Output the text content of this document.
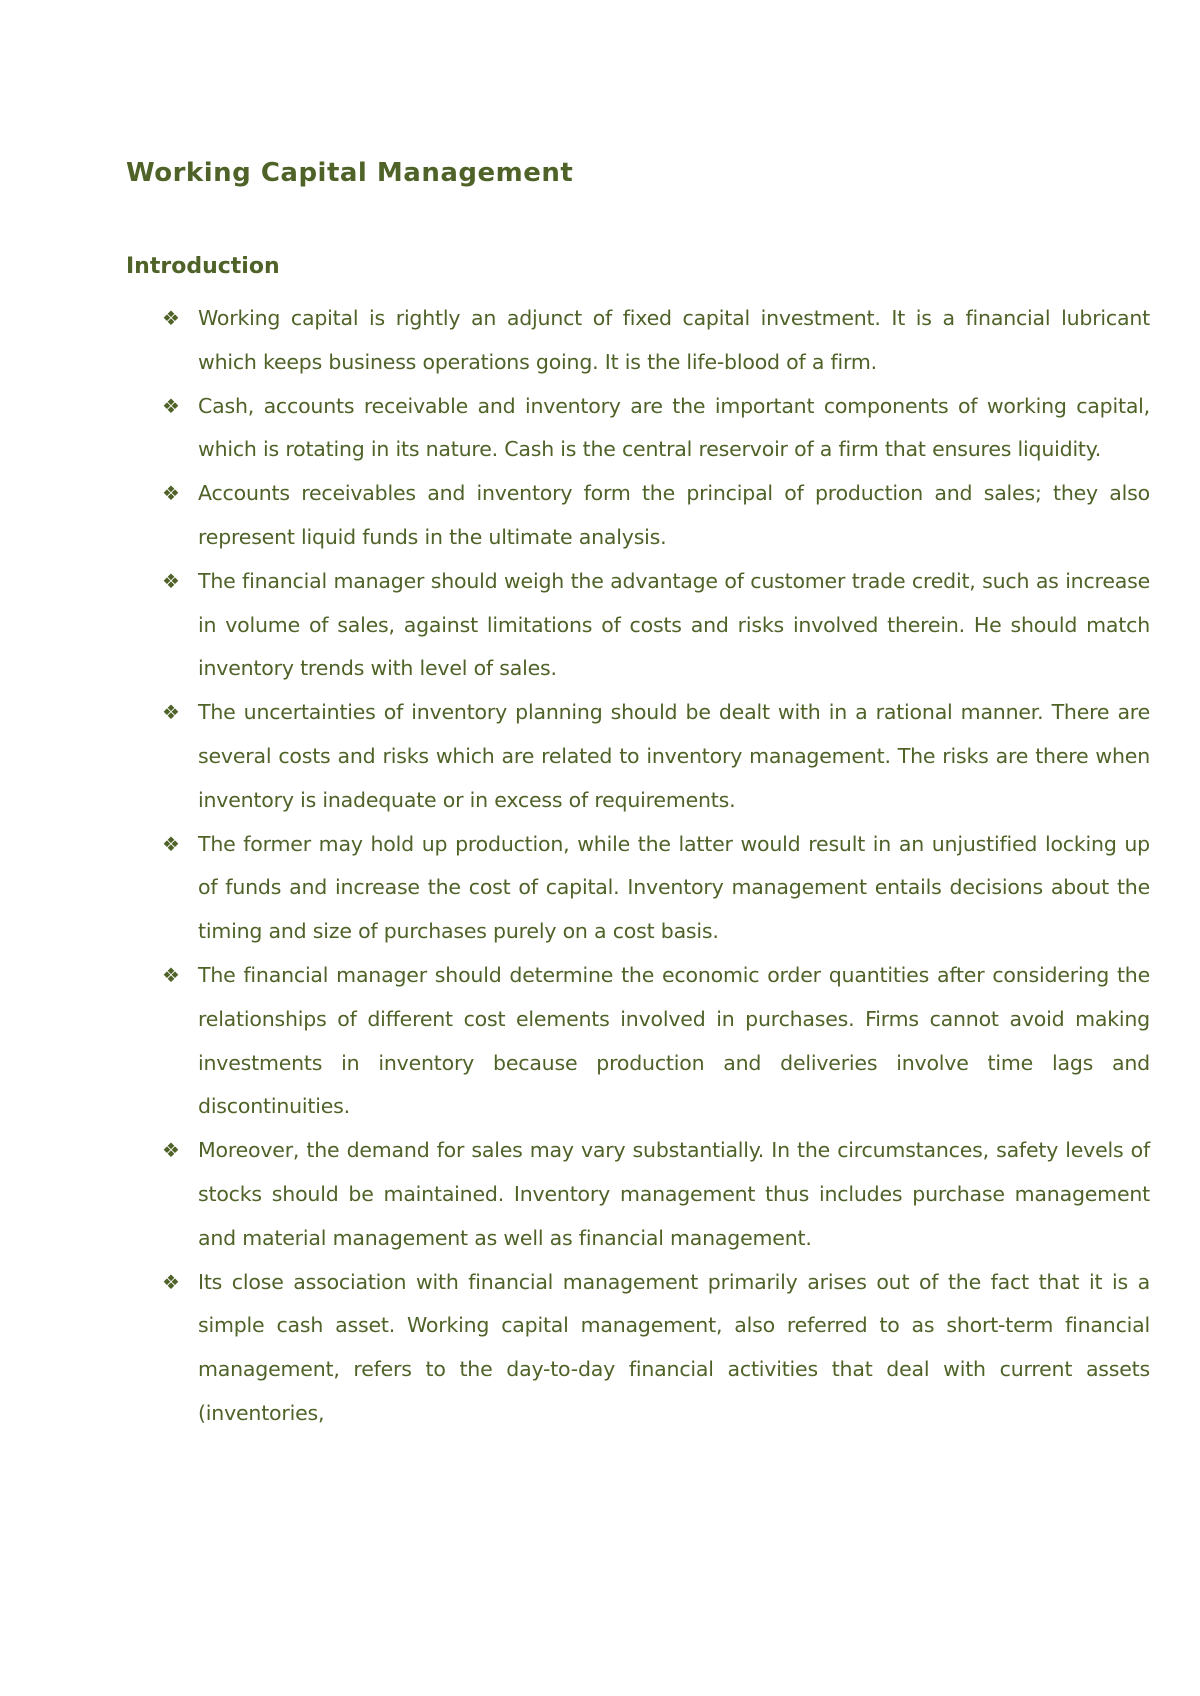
Working Capital Management
Introduction
❖ Working capital is rightly an adjunct of fixed capital investment. It is a financial lubricant which keeps business operations going. It is the life-blood of a firm.
❖ Cash, accounts receivable and inventory are the important components of working capital, which is rotating in its nature. Cash is the central reservoir of a firm that ensures liquidity.
❖ Accounts receivables and inventory form the principal of production and sales; they also represent liquid funds in the ultimate analysis.
❖ The financial manager should weigh the advantage of customer trade credit, such as increase in volume of sales, against limitations of costs and risks involved therein. He should match inventory trends with level of sales.
❖ The uncertainties of inventory planning should be dealt with in a rational manner. There are several costs and risks which are related to inventory management. The risks are there when inventory is inadequate or in excess of requirements.
❖ The former may hold up production, while the latter would result in an unjustified locking up of funds and increase the cost of capital. Inventory management entails decisions about the timing and size of purchases purely on a cost basis.
❖ The financial manager should determine the economic order quantities after considering the relationships of different cost elements involved in purchases. Firms cannot avoid making investments in inventory because production and deliveries involve time lags and discontinuities.
❖ Moreover, the demand for sales may vary substantially. In the circumstances, safety levels of stocks should be maintained. Inventory management thus includes purchase management and material management as well as financial management.
❖ Its close association with financial management primarily arises out of the fact that it is a simple cash asset. Working capital management, also referred to as short-term financial management, refers to the day-to-day financial activities that deal with current assets (inventories,
